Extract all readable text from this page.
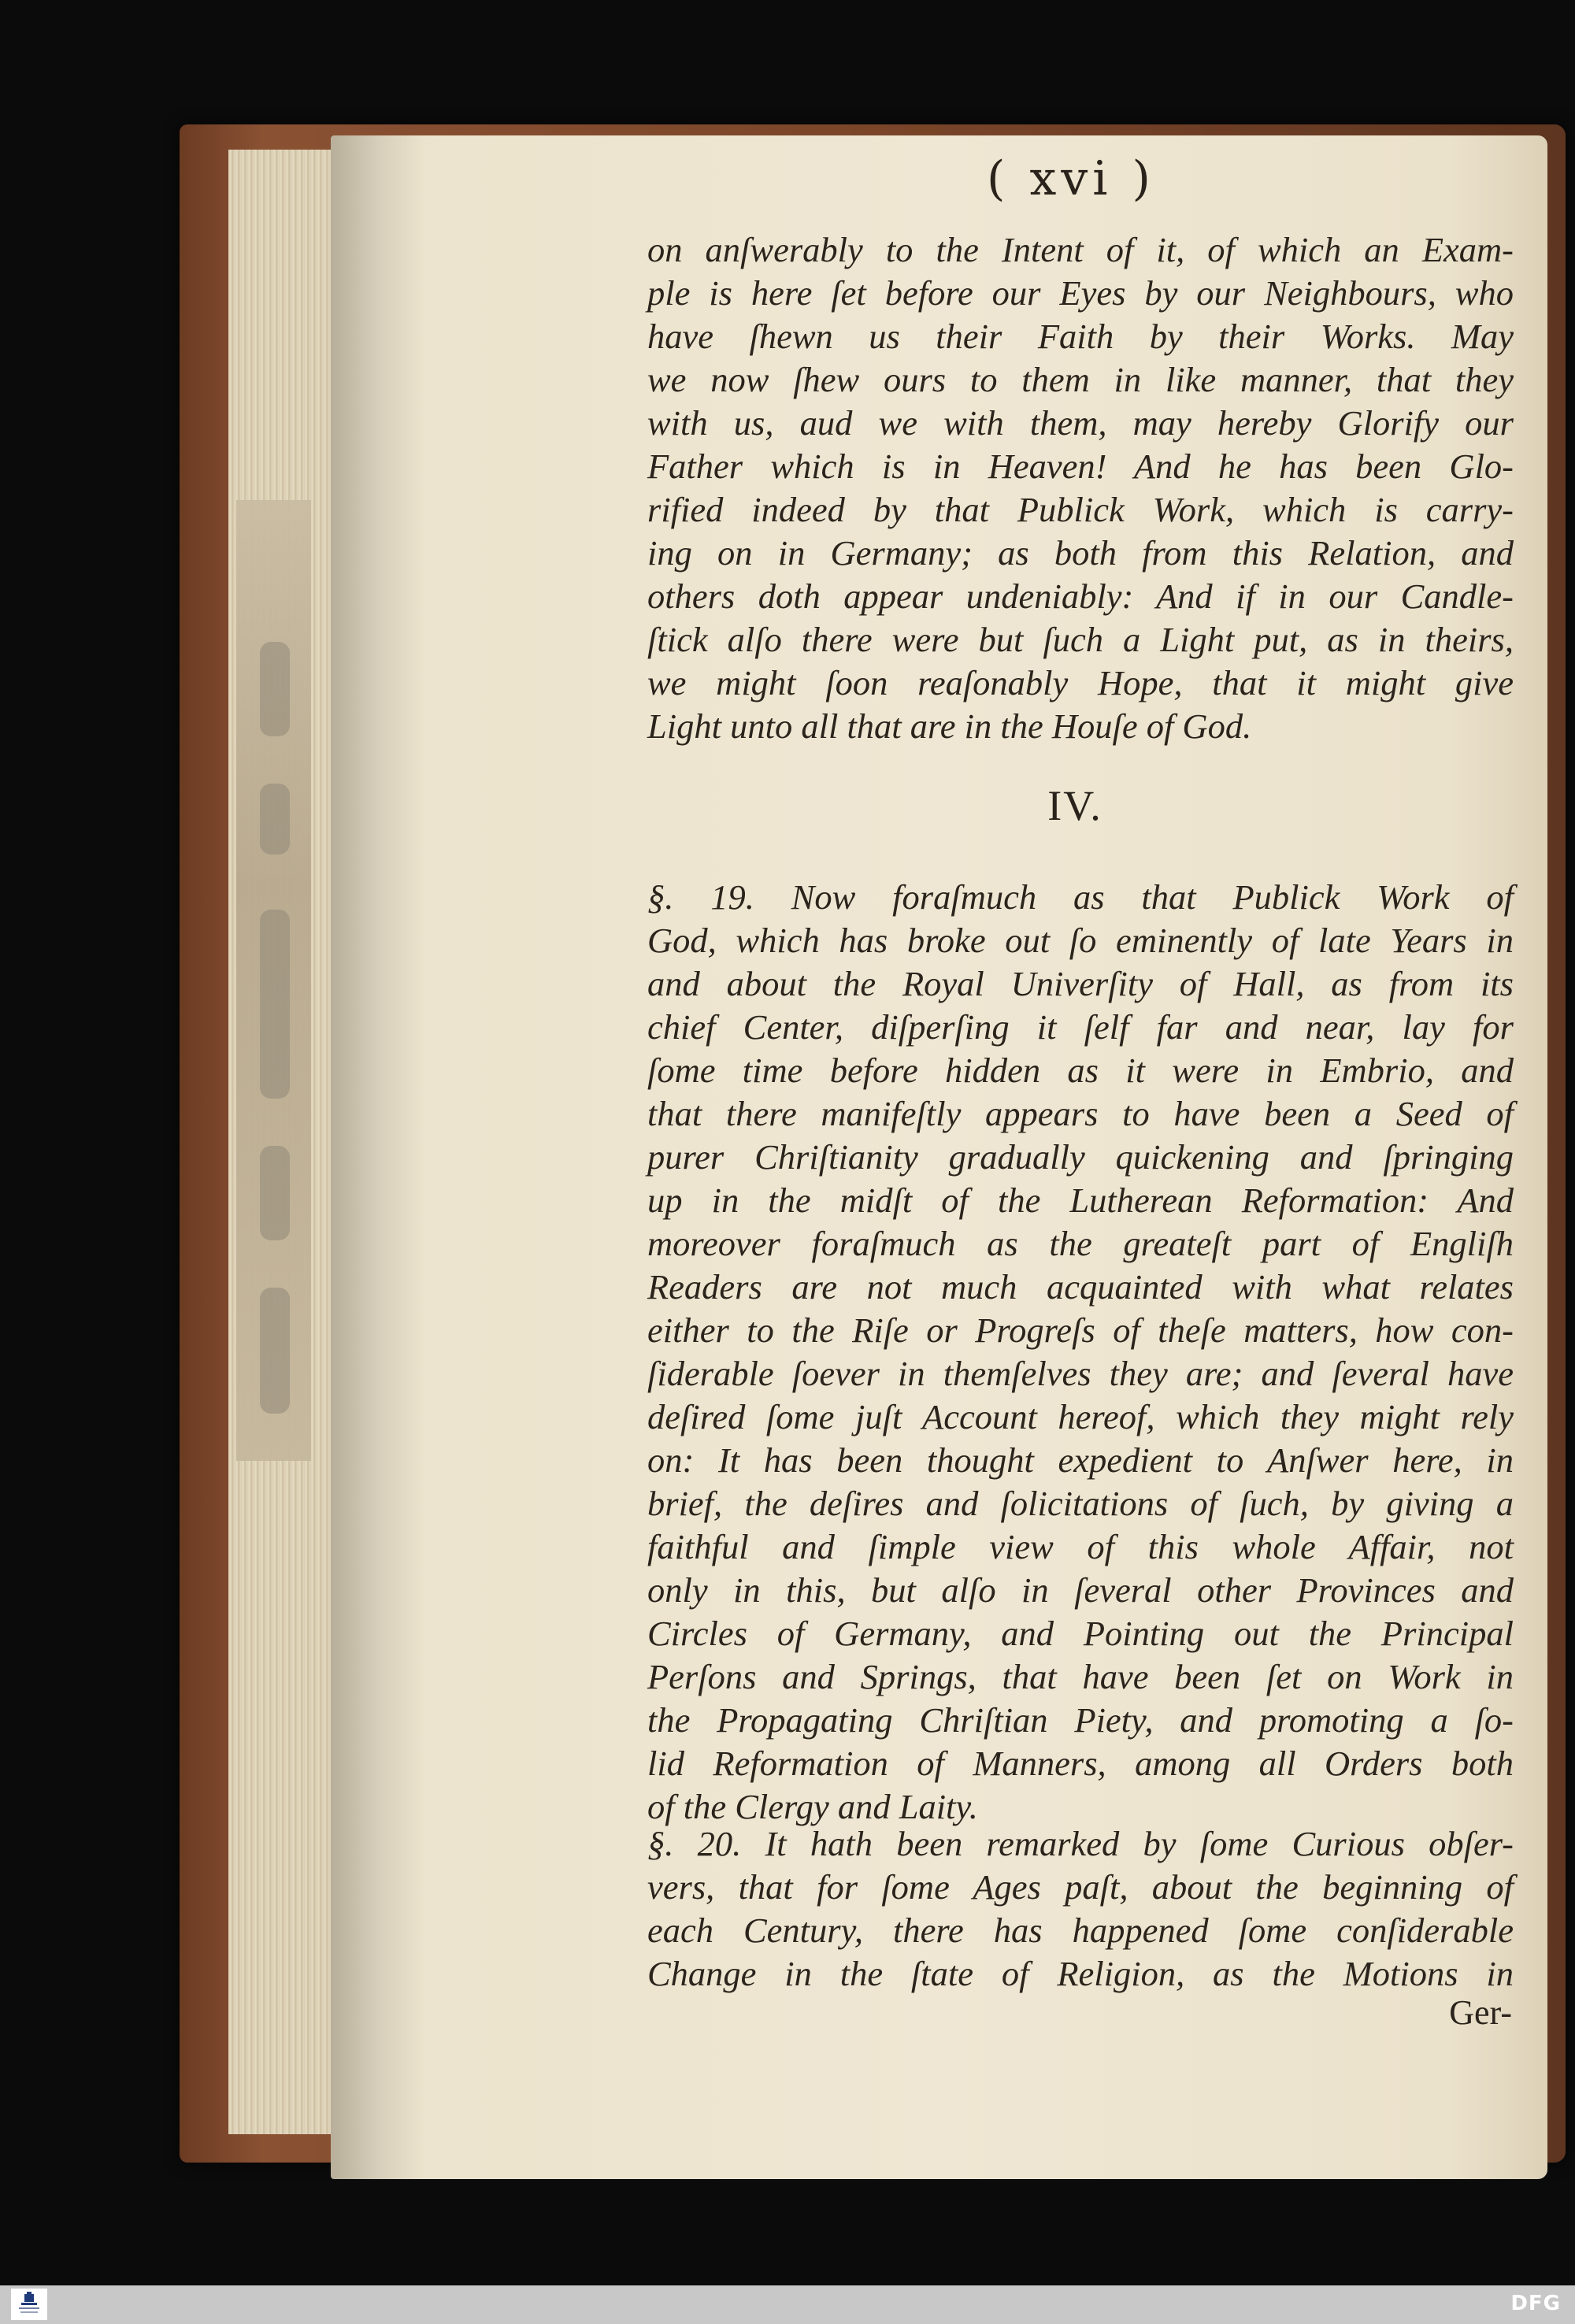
( xvi )
on anſwerably to the Intent of it, of which an Exam-
ple is here ſet before our Eyes by our Neighbours, who
have ſhewn us their Faith by their Works. May
we now ſhew ours to them in like manner, that they
with us, aud we with them, may hereby Glorify our
Father which is in Heaven! And he has been Glo-
rified indeed by that Publick Work, which is carry-
ing on in Germany; as both from this Relation, and
others doth appear undeniably: And if in our Candle-
ſtick alſo there were but ſuch a Light put, as in theirs,
we might ſoon reaſonably Hope, that it might give
Light unto all that are in the Houſe of God.
IV.
§. 19. Now foraſmuch as that Publick Work of
God, which has broke out ſo eminently of late Years in
and about the Royal Univerſity of Hall, as from its
chief Center, diſperſing it ſelf far and near, lay for
ſome time before hidden as it were in Embrio, and
that there manifeſtly appears to have been a Seed of
purer Chriſtianity gradually quickening and ſpringing
up in the midſt of the Lutherean Reformation: And
moreover foraſmuch as the greateſt part of Engliſh
Readers are not much acquainted with what relates
either to the Riſe or Progreſs of theſe matters, how con-
ſiderable ſoever in themſelves they are; and ſeveral have
deſired ſome juſt Account hereof, which they might rely
on: It has been thought expedient to Anſwer here, in
brief, the deſires and ſolicitations of ſuch, by giving a
faithful and ſimple view of this whole Affair, not
only in this, but alſo in ſeveral other Provinces and
Circles of Germany, and Pointing out the Principal
Perſons and Springs, that have been ſet on Work in
the Propagating Chriſtian Piety, and promoting a ſo-
lid Reformation of Manners, among all Orders both
of the Clergy and Laity.
§. 20. It hath been remarked by ſome Curious obſer-
vers, that for ſome Ages paſt, about the beginning of
each Century, there has happened ſome conſiderable
Change in the ſtate of Religion, as the Motions in
Ger-
DFG
